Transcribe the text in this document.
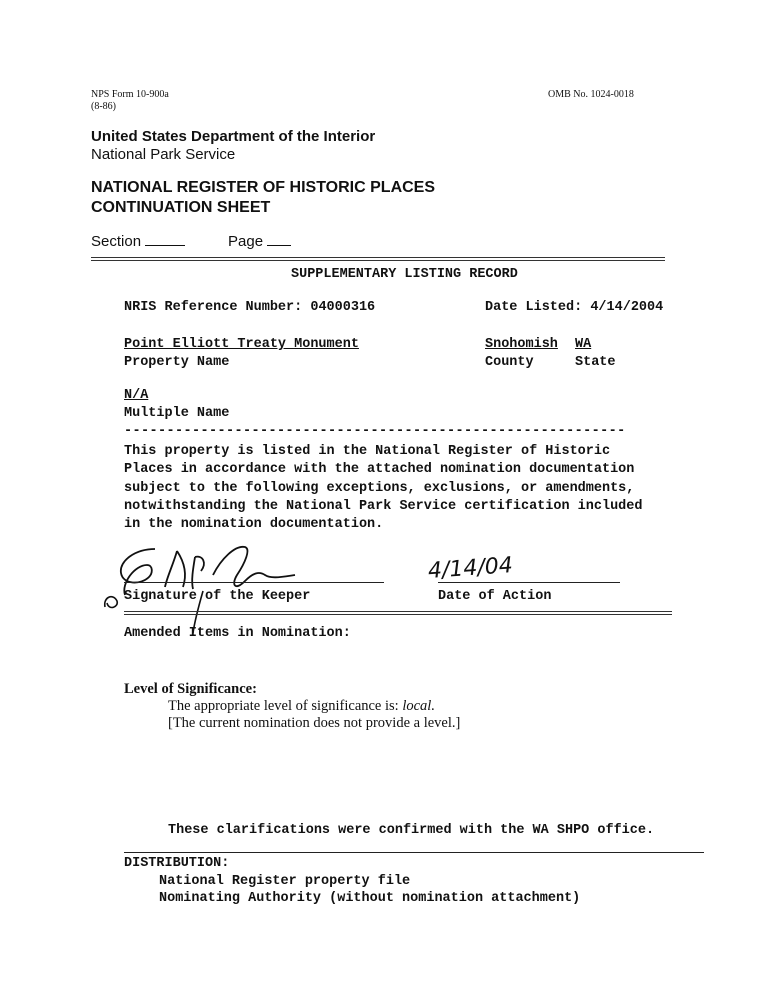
NPS Form 10-900a
(8-86)
OMB No. 1024-0018
United States Department of the Interior
National Park Service
NATIONAL REGISTER OF HISTORIC PLACES
CONTINUATION SHEET
Section	Page
SUPPLEMENTARY LISTING RECORD
NRIS Reference Number: 04000316	Date Listed: 4/14/2004
Point Elliott Treaty Monument
Property Name
Snohomish WA
County	State
N/A
Multiple Name
-----------------------------------------------------------
This property is listed in the National Register of Historic
Places in accordance with the attached nomination documentation
subject to the following exceptions, exclusions, or amendments,
notwithstanding the National Park Service certification included
in the nomination documentation.
4/14/04
Signature of the Keeper	Date of Action
Amended Items in Nomination:
Level of Significance:
The appropriate level of significance is: local.
[The current nomination does not provide a level.]
These clarifications were confirmed with the WA SHPO office.
DISTRIBUTION:
National Register property file
Nominating Authority (without nomination attachment)
